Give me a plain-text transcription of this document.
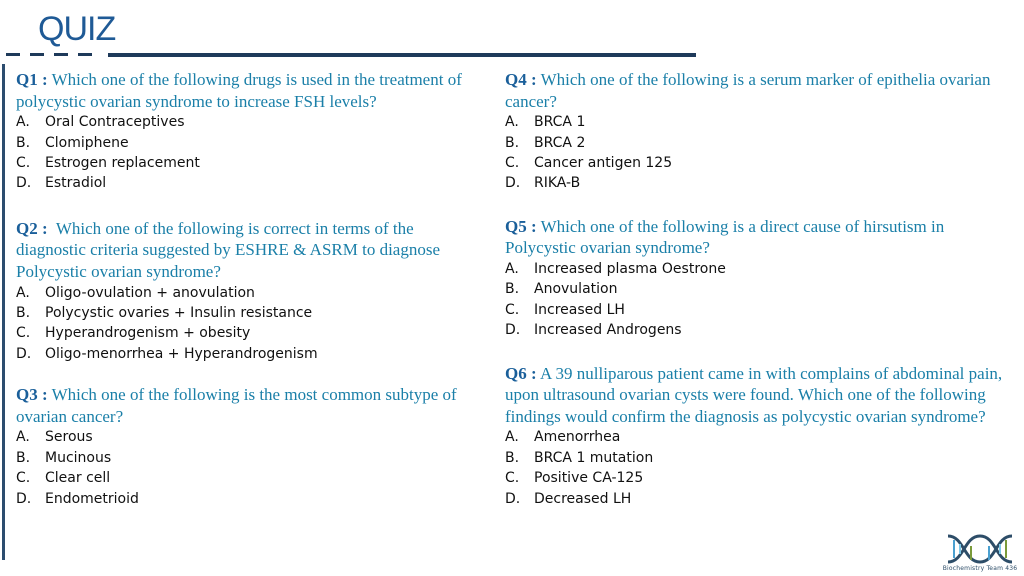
QUIZ
Q1 : Which one of the following drugs is used in the treatment of polycystic ovarian syndrome to increase FSH levels?
A.	Oral Contraceptives
B.	Clomiphene
C.	Estrogen replacement
D. Estradiol
Q2 : Which one of the following is correct in terms of the diagnostic criteria suggested by ESHRE & ASRM to diagnose Polycystic ovarian syndrome?
A.	Oligo-ovulation + anovulation
B.	Polycystic ovaries + Insulin resistance
C.	Hyperandrogenism + obesity
D. Oligo-menorrhea + Hyperandrogenism
Q3 : Which one of the following is the most common subtype of ovarian cancer?
A.	Serous
B.	Mucinous
C.	Clear cell
D. Endometrioid
Q4 : Which one of the following is a serum marker of epithelia ovarian cancer?
A.	BRCA 1
B.	BRCA 2
C.	Cancer antigen 125
D. RIKA-B
Q5 : Which one of the following is a direct cause of hirsutism in Polycystic ovarian syndrome?
A.	Increased plasma Oestrone
B.	Anovulation
C.	Increased LH
D. Increased Androgens
Q6 : A 39 nulliparous patient came in with complains of abdominal pain, upon ultrasound ovarian cysts were found. Which one of the following findings would confirm the diagnosis as polycystic ovarian syndrome?
A.	Amenorrhea
B.	BRCA 1 mutation
C.	Positive CA-125
D. Decreased LH
Biochemistry Team 436
